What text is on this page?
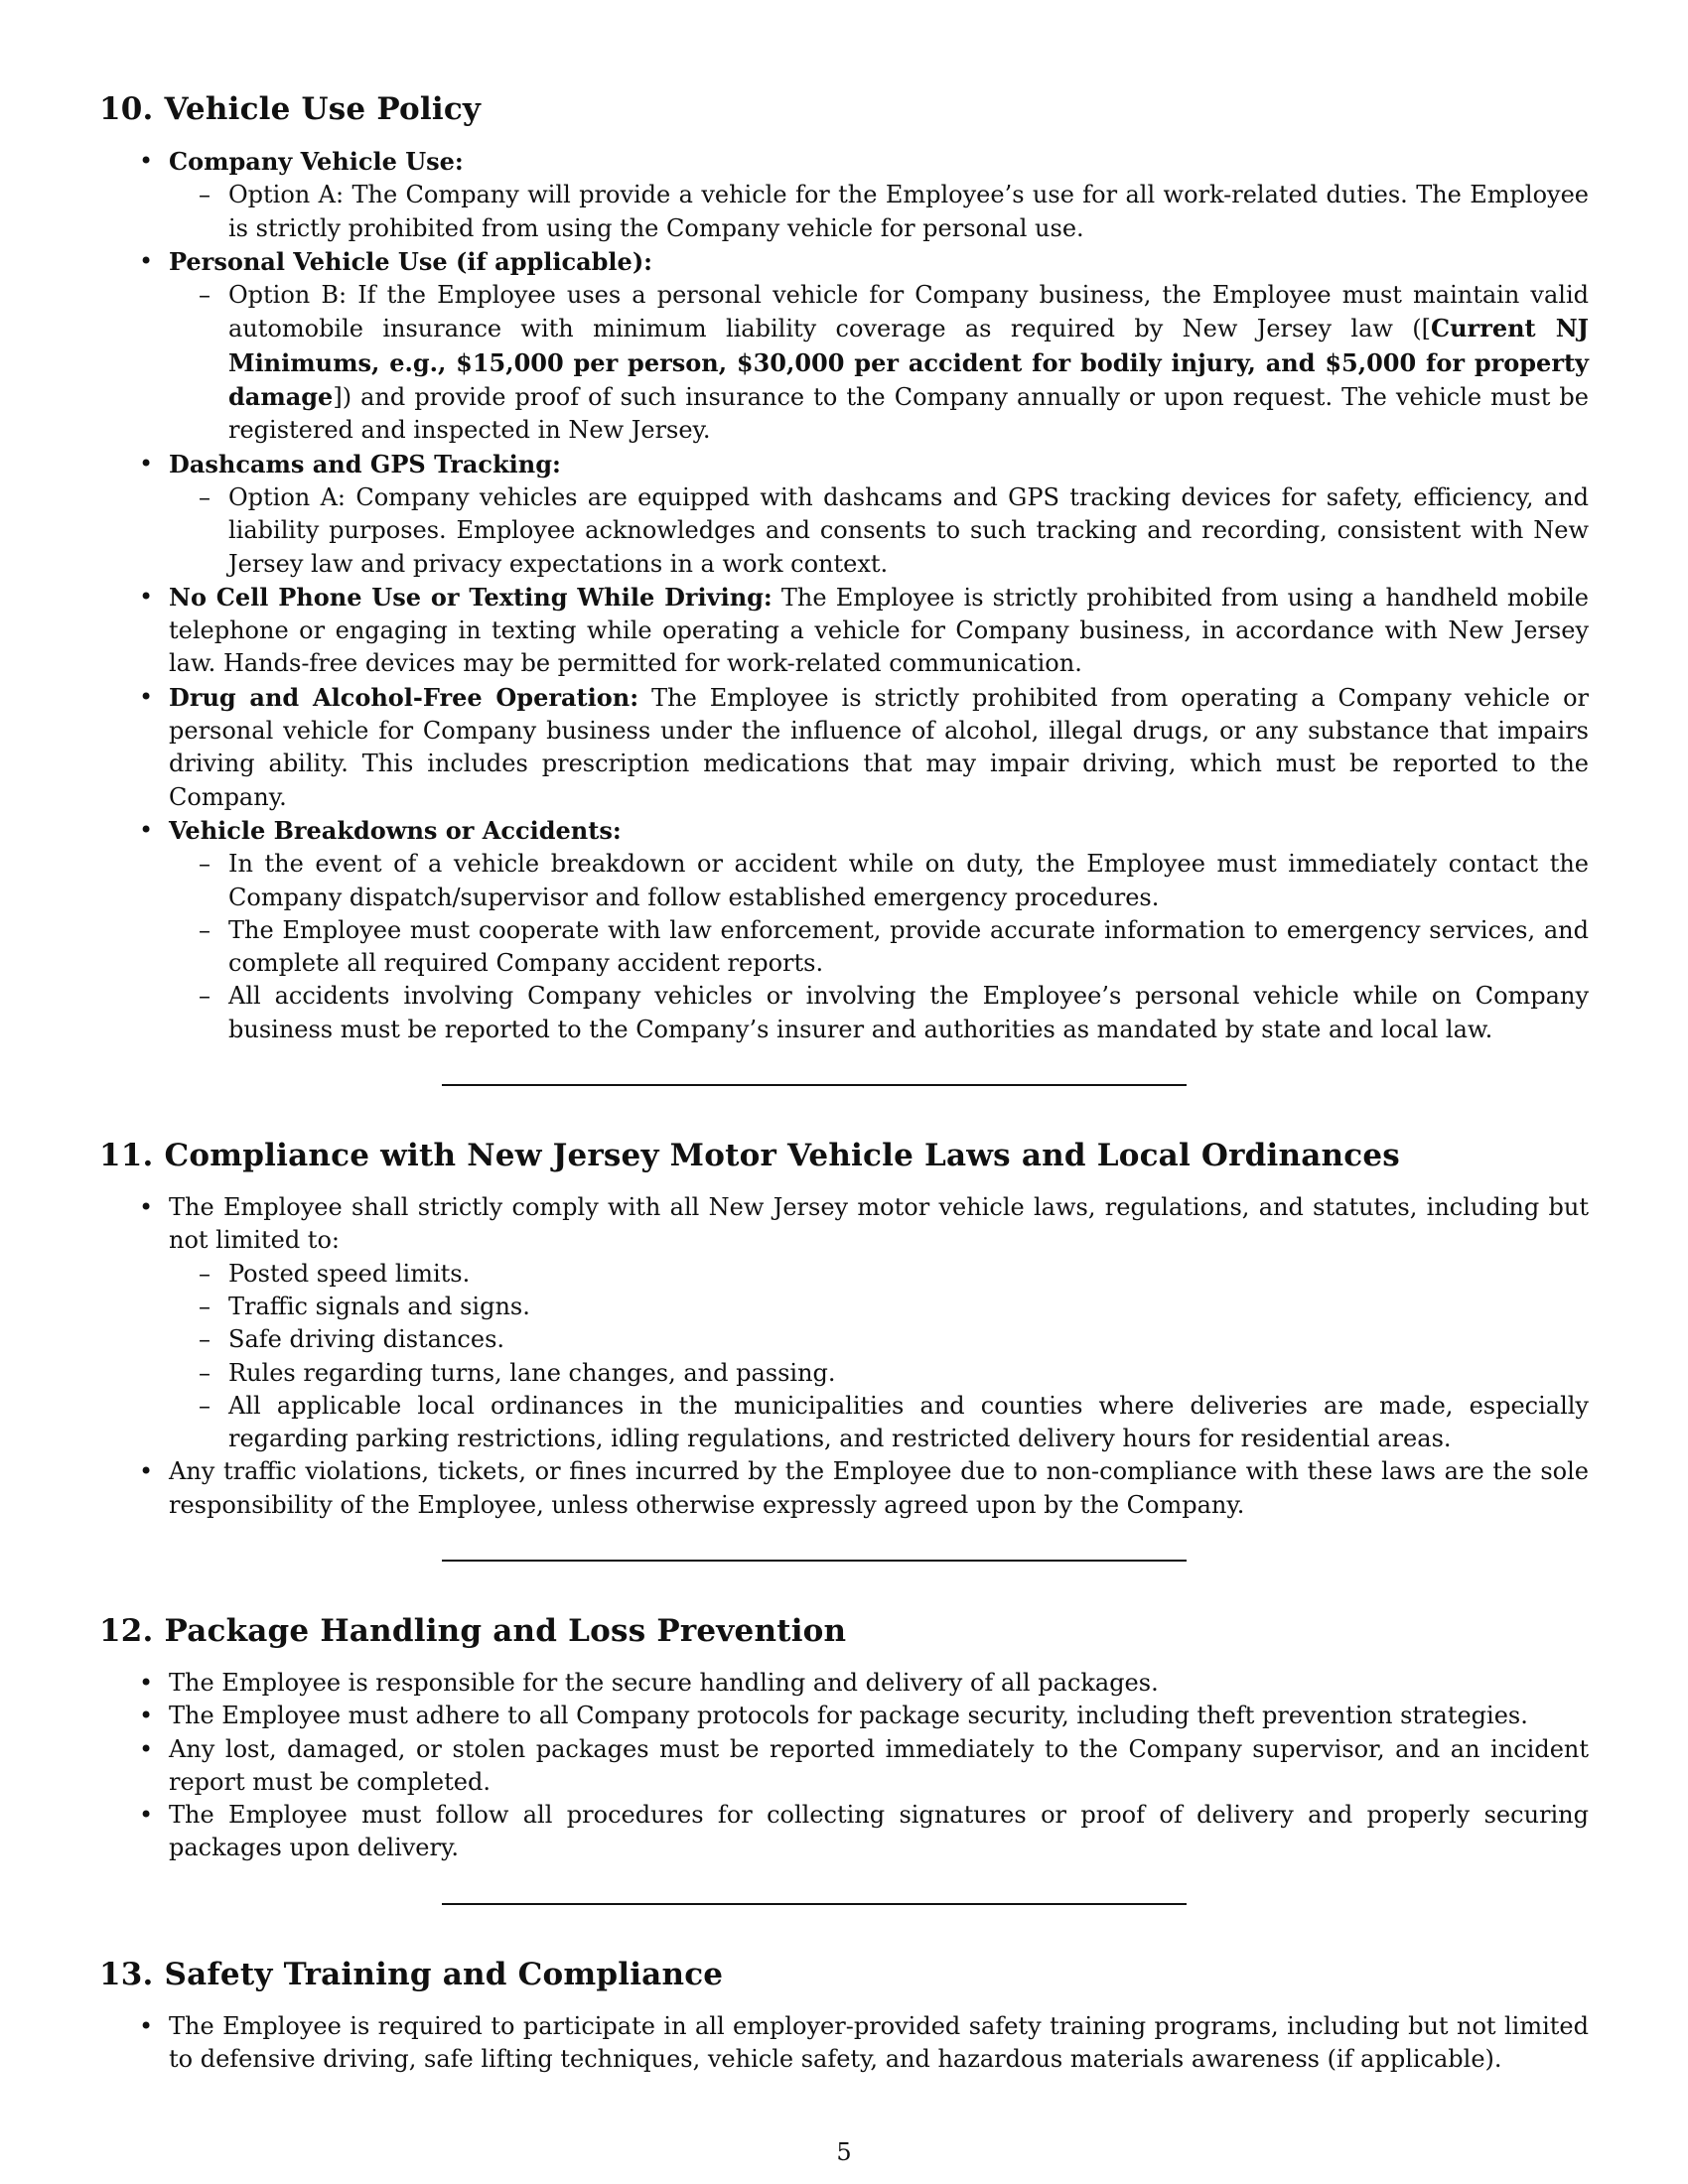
10. Vehicle Use Policy
• Company Vehicle Use:
– Option A: The Company will provide a vehicle for the Employee’s use for all work-related duties. The Employee is strictly prohibited from using the Company vehicle for personal use.
• Personal Vehicle Use (if applicable):
– Option B: If the Employee uses a personal vehicle for Company business, the Employee must maintain valid automobile insurance with minimum liability coverage as required by New Jersey law ([Current NJ Minimums, e.g., $15,000 per person, $30,000 per accident for bodily injury, and $5,000 for property damage]) and provide proof of such insurance to the Company annually or upon request. The vehicle must be registered and inspected in New Jersey.
• Dashcams and GPS Tracking:
– Option A: Company vehicles are equipped with dashcams and GPS tracking devices for safety, efficiency, and liability purposes. Employee acknowledges and consents to such tracking and recording, consistent with New Jersey law and privacy expectations in a work context.
• No Cell Phone Use or Texting While Driving: The Employee is strictly prohibited from using a handheld mobile telephone or engaging in texting while operating a vehicle for Company business, in accordance with New Jersey law. Hands-free devices may be permitted for work-related communication.
• Drug and Alcohol-Free Operation: The Employee is strictly prohibited from operating a Company vehicle or personal vehicle for Company business under the influence of alcohol, illegal drugs, or any substance that impairs driving ability. This includes prescription medications that may impair driving, which must be reported to the Company.
• Vehicle Breakdowns or Accidents:
– In the event of a vehicle breakdown or accident while on duty, the Employee must immediately contact the Company dispatch/supervisor and follow established emergency procedures.
– The Employee must cooperate with law enforcement, provide accurate information to emergency services, and complete all required Company accident reports.
– All accidents involving Company vehicles or involving the Employee’s personal vehicle while on Company business must be reported to the Company’s insurer and authorities as mandated by state and local law.
11. Compliance with New Jersey Motor Vehicle Laws and Local Ordinances
• The Employee shall strictly comply with all New Jersey motor vehicle laws, regulations, and statutes, including but not limited to:
– Posted speed limits.
– Traffic signals and signs.
– Safe driving distances.
– Rules regarding turns, lane changes, and passing.
– All applicable local ordinances in the municipalities and counties where deliveries are made, especially regarding parking restrictions, idling regulations, and restricted delivery hours for residential areas.
• Any traffic violations, tickets, or fines incurred by the Employee due to non-compliance with these laws are the sole responsibility of the Employee, unless otherwise expressly agreed upon by the Company.
12. Package Handling and Loss Prevention
• The Employee is responsible for the secure handling and delivery of all packages.
• The Employee must adhere to all Company protocols for package security, including theft prevention strategies.
• Any lost, damaged, or stolen packages must be reported immediately to the Company supervisor, and an incident report must be completed.
• The Employee must follow all procedures for collecting signatures or proof of delivery and properly securing packages upon delivery.
13. Safety Training and Compliance
• The Employee is required to participate in all employer-provided safety training programs, including but not limited to defensive driving, safe lifting techniques, vehicle safety, and hazardous materials awareness (if applicable).
5
